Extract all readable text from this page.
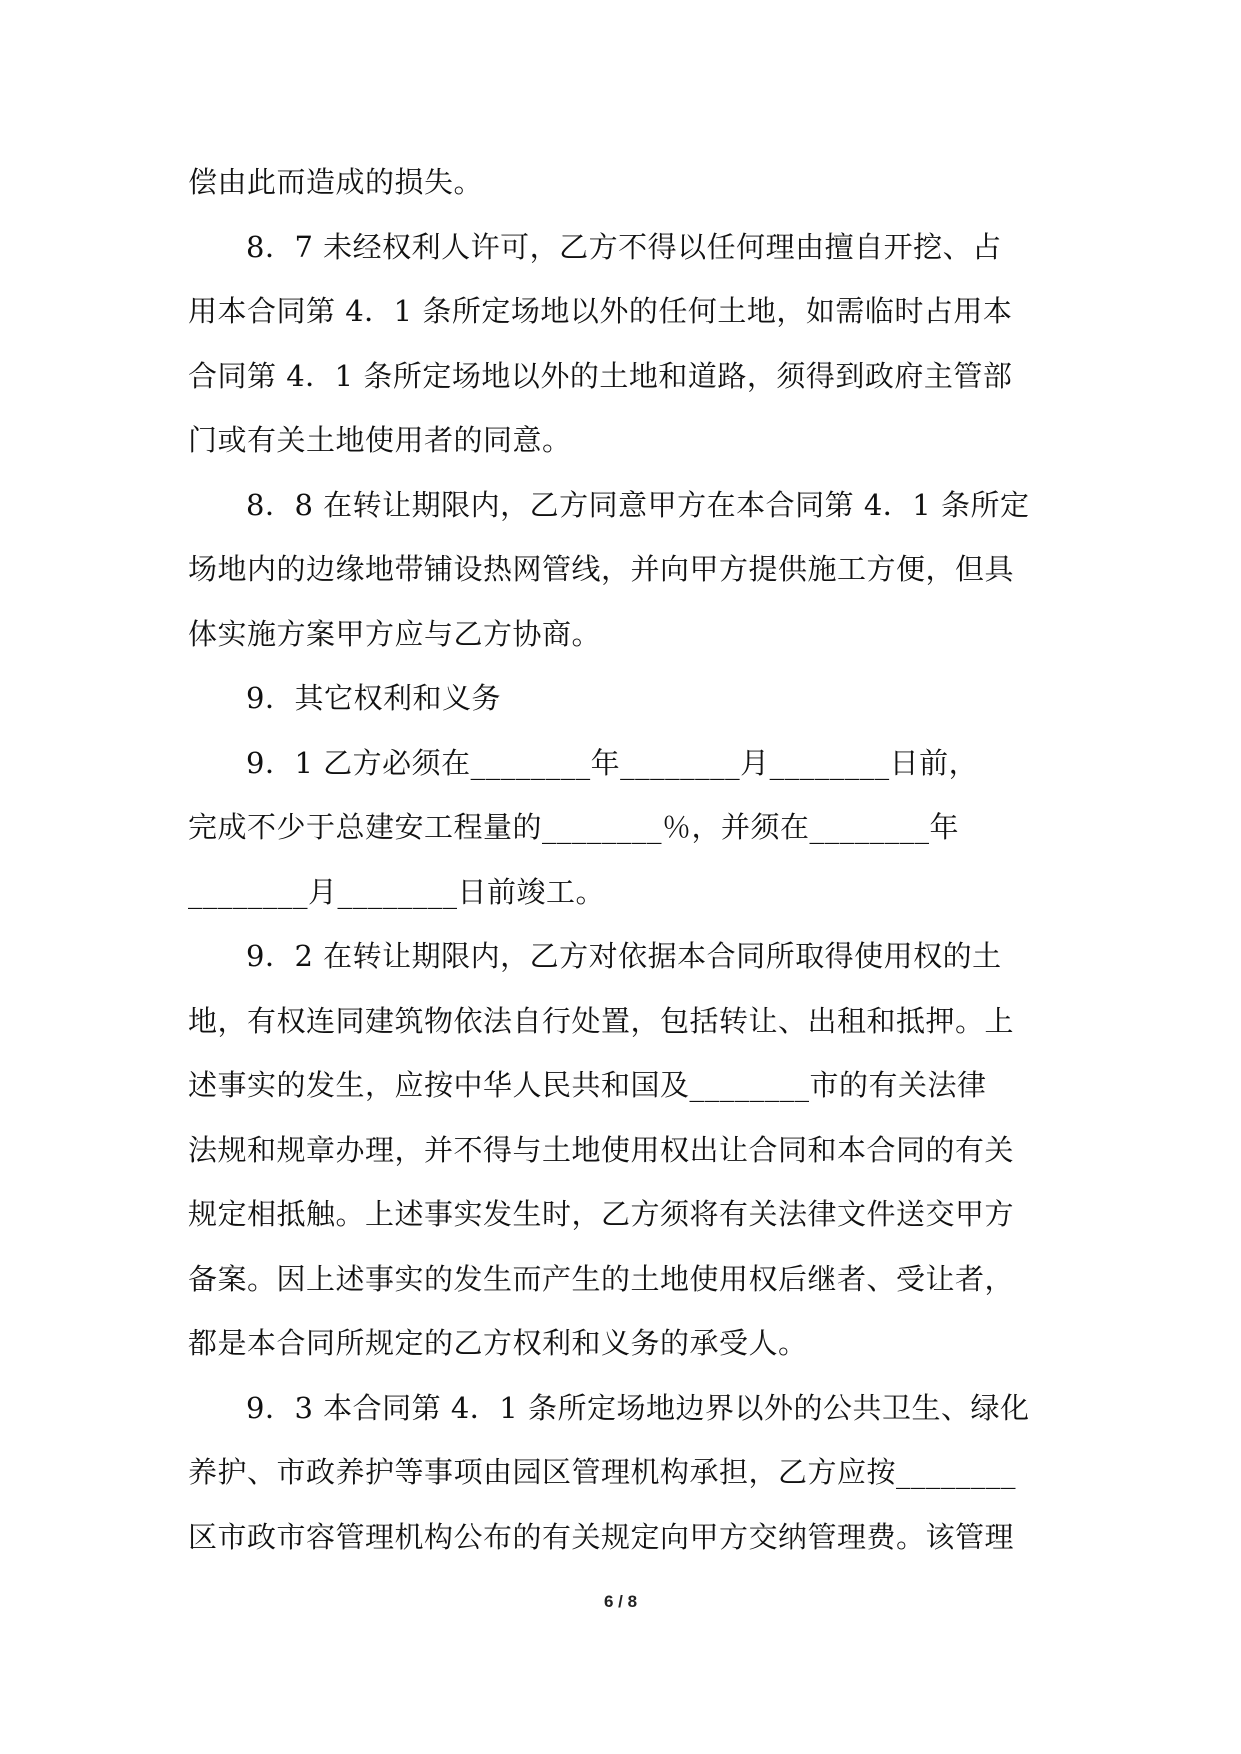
偿由此而造成的损失。
8．7 未经权利人许可，乙方不得以任何理由擅自开挖、占
用本合同第 4．1 条所定场地以外的任何土地，如需临时占用本
合同第 4．1 条所定场地以外的土地和道路，须得到政府主管部
门或有关土地使用者的同意。
8．8 在转让期限内，乙方同意甲方在本合同第 4．1 条所定
场地内的边缘地带铺设热网管线，并向甲方提供施工方便，但具
体实施方案甲方应与乙方协商。
9．其它权利和义务
9．1 乙方必须在________年________月________日前，
完成不少于总建安工程量的________％，并须在________年
________月________日前竣工。
9．2 在转让期限内，乙方对依据本合同所取得使用权的土
地，有权连同建筑物依法自行处置，包括转让、出租和抵押。上
述事实的发生，应按中华人民共和国及________市的有关法律
法规和规章办理，并不得与土地使用权出让合同和本合同的有关
规定相抵触。上述事实发生时，乙方须将有关法律文件送交甲方
备案。因上述事实的发生而产生的土地使用权后继者、受让者，
都是本合同所规定的乙方权利和义务的承受人。
9．3 本合同第 4．1 条所定场地边界以外的公共卫生、绿化
养护、市政养护等事项由园区管理机构承担，乙方应按________
区市政市容管理机构公布的有关规定向甲方交纳管理费。该管理
6 / 8
